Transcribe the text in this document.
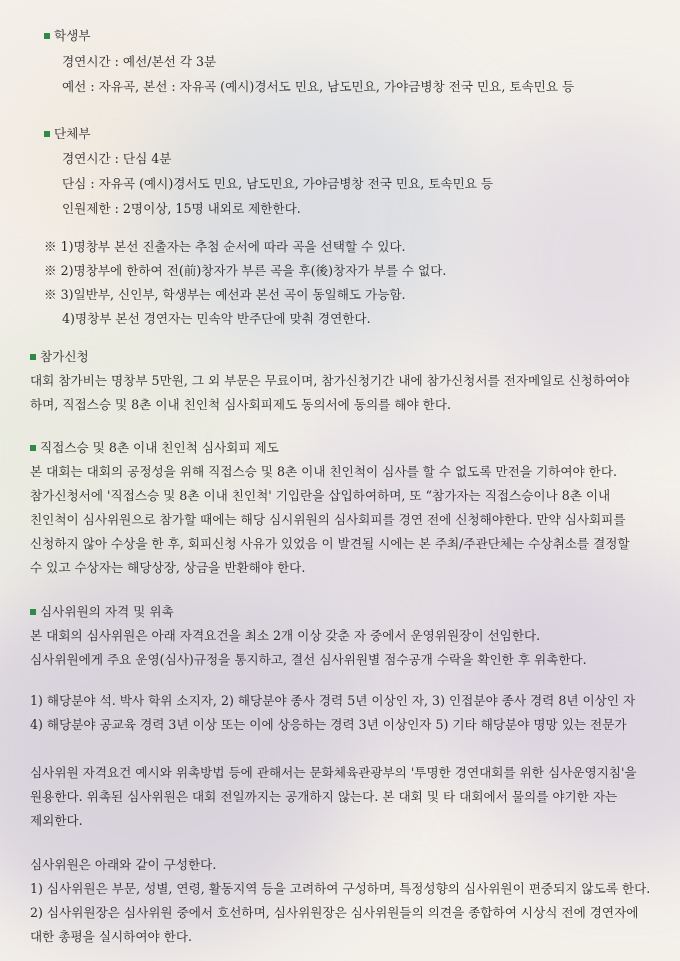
학생부
경연시간 : 예선/본선 각 3분
예선 : 자유곡, 본선 : 자유곡 (예시)경서도 민요, 남도민요, 가야금병창 전국 민요, 토속민요 등
단체부
경연시간 : 단심 4분
단심 : 자유곡 (예시)경서도 민요, 남도민요, 가야금병창 전국 민요, 토속민요 등
인원제한 : 2명이상, 15명 내외로 제한한다.
※ 1)명창부 본선 진출자는 추첨 순서에 따라 곡을 선택할 수 있다.
※ 2)명창부에 한하여 전(前)창자가 부른 곡을 후(後)창자가 부를 수 없다.
※ 3)일반부, 신인부, 학생부는 예선과 본선 곡이 동일해도 가능함.
4)명창부 본선 경연자는 민속악 반주단에 맞춰 경연한다.
참가신청
대회 참가비는 명창부 5만원, 그 외 부문은 무료이며, 참가신청기간 내에 참가신청서를 전자메일로 신청하여야
하며, 직접스승 및 8촌 이내 친인척 심사회피제도 동의서에 동의를 해야 한다.
직접스승 및 8촌 이내 친인척 심사회피 제도
본 대회는 대회의 공정성을 위해 직접스승 및 8촌 이내 친인척이 심사를 할 수 없도록 만전을 기하여야 한다.
참가신청서에 '직접스승 및 8촌 이내 친인척' 기입란을 삽입하여하며, 또 “참가자는 직접스승이나 8촌 이내
친인척이 심사위원으로 참가할 때에는 해당 심시위원의 심사회피를 경연 전에 신청해야한다. 만약 심사회피를
신청하지 않아 수상을 한 후, 회피신청 사유가 있었음 이 발견될 시에는 본 주최/주관단체는 수상취소를 결정할
수 있고 수상자는 해당상장, 상금을 반환해야 한다.
심사위원의 자격 및 위촉
본 대회의 심사위원은 아래 자격요건을 최소 2개 이상 갖춘 자 중에서 운영위원장이 선임한다.
심사위원에게 주요 운영(심사)규정을 통지하고, 결선 심사위원별 점수공개 수락을 확인한 후 위촉한다.
1) 해당분야 석. 박사 학위 소지자, 2) 해당분야 종사 경력 5년 이상인 자, 3) 인접분야 종사 경력 8년 이상인 자
4) 해당분야 공교육 경력 3년 이상 또는 이에 상응하는 경력 3년 이상인자 5) 기타 해당분야 명망 있는 전문가
심사위원 자격요건 예시와 위촉방법 등에 관해서는 문화체육관광부의 '투명한 경연대회를 위한 심사운영지침'을
원용한다. 위촉된 심사위원은 대회 전일까지는 공개하지 않는다. 본 대회 및 타 대회에서 물의를 야기한 자는
제외한다.
심사위원은 아래와 같이 구성한다.
1) 심사위원은 부문, 성별, 연령, 활동지역 등을 고려하여 구성하며, 특정성향의 심사위원이 편중되지 않도록 한다.
2) 심사위원장은 심사위원 중에서 호선하며, 심사위원장은 심사위원들의 의견을 종합하여 시상식 전에 경연자에
대한 총평을 실시하여야 한다.
